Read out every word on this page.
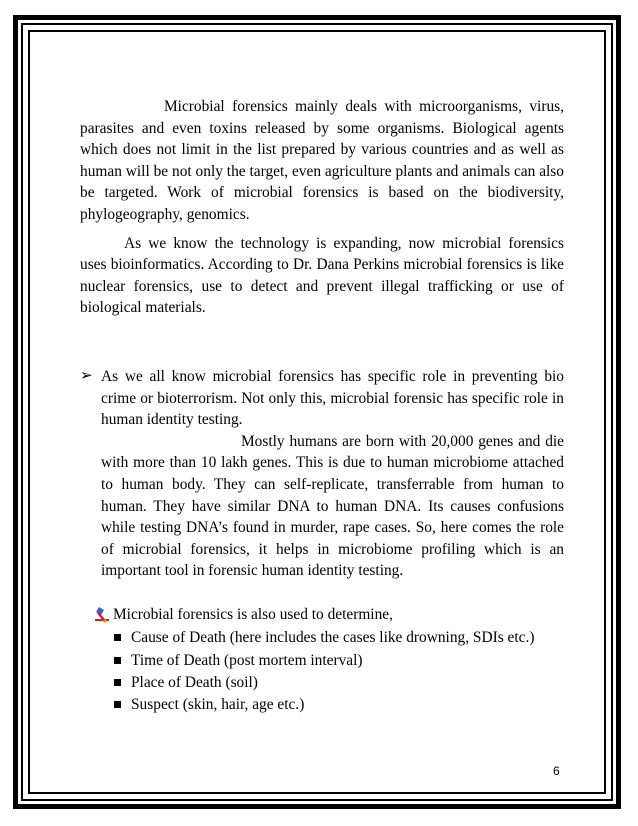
Microbial forensics mainly deals with microorganisms, virus, parasites and even toxins released by some organisms. Biological agents which does not limit in the list prepared by various countries and as well as human will be not only the target, even agriculture plants and animals can also be targeted. Work of microbial forensics is based on the biodiversity, phylogeography, genomics.

As we know the technology is expanding, now microbial forensics uses bioinformatics. According to Dr. Dana Perkins microbial forensics is like nuclear forensics, use to detect and prevent illegal trafficking or use of biological materials.

➢ As we all know microbial forensics has specific role in preventing bio crime or bioterrorism. Not only this, microbial forensic has specific role in human identity testing.

Mostly humans are born with 20,000 genes and die with more than 10 lakh genes. This is due to human microbiome attached to human body. They can self-replicate, transferrable from human to human. They have similar DNA to human DNA. Its causes confusions while testing DNA’s found in murder, rape cases. So, here comes the role of microbial forensics, it helps in microbiome profiling which is an important tool in forensic human identity testing.

Microbial forensics is also used to determine,
Cause of Death (here includes the cases like drowning, SDIs etc.)
Time of Death (post mortem interval)
Place of Death (soil)
Suspect (skin, hair, age etc.)
6
